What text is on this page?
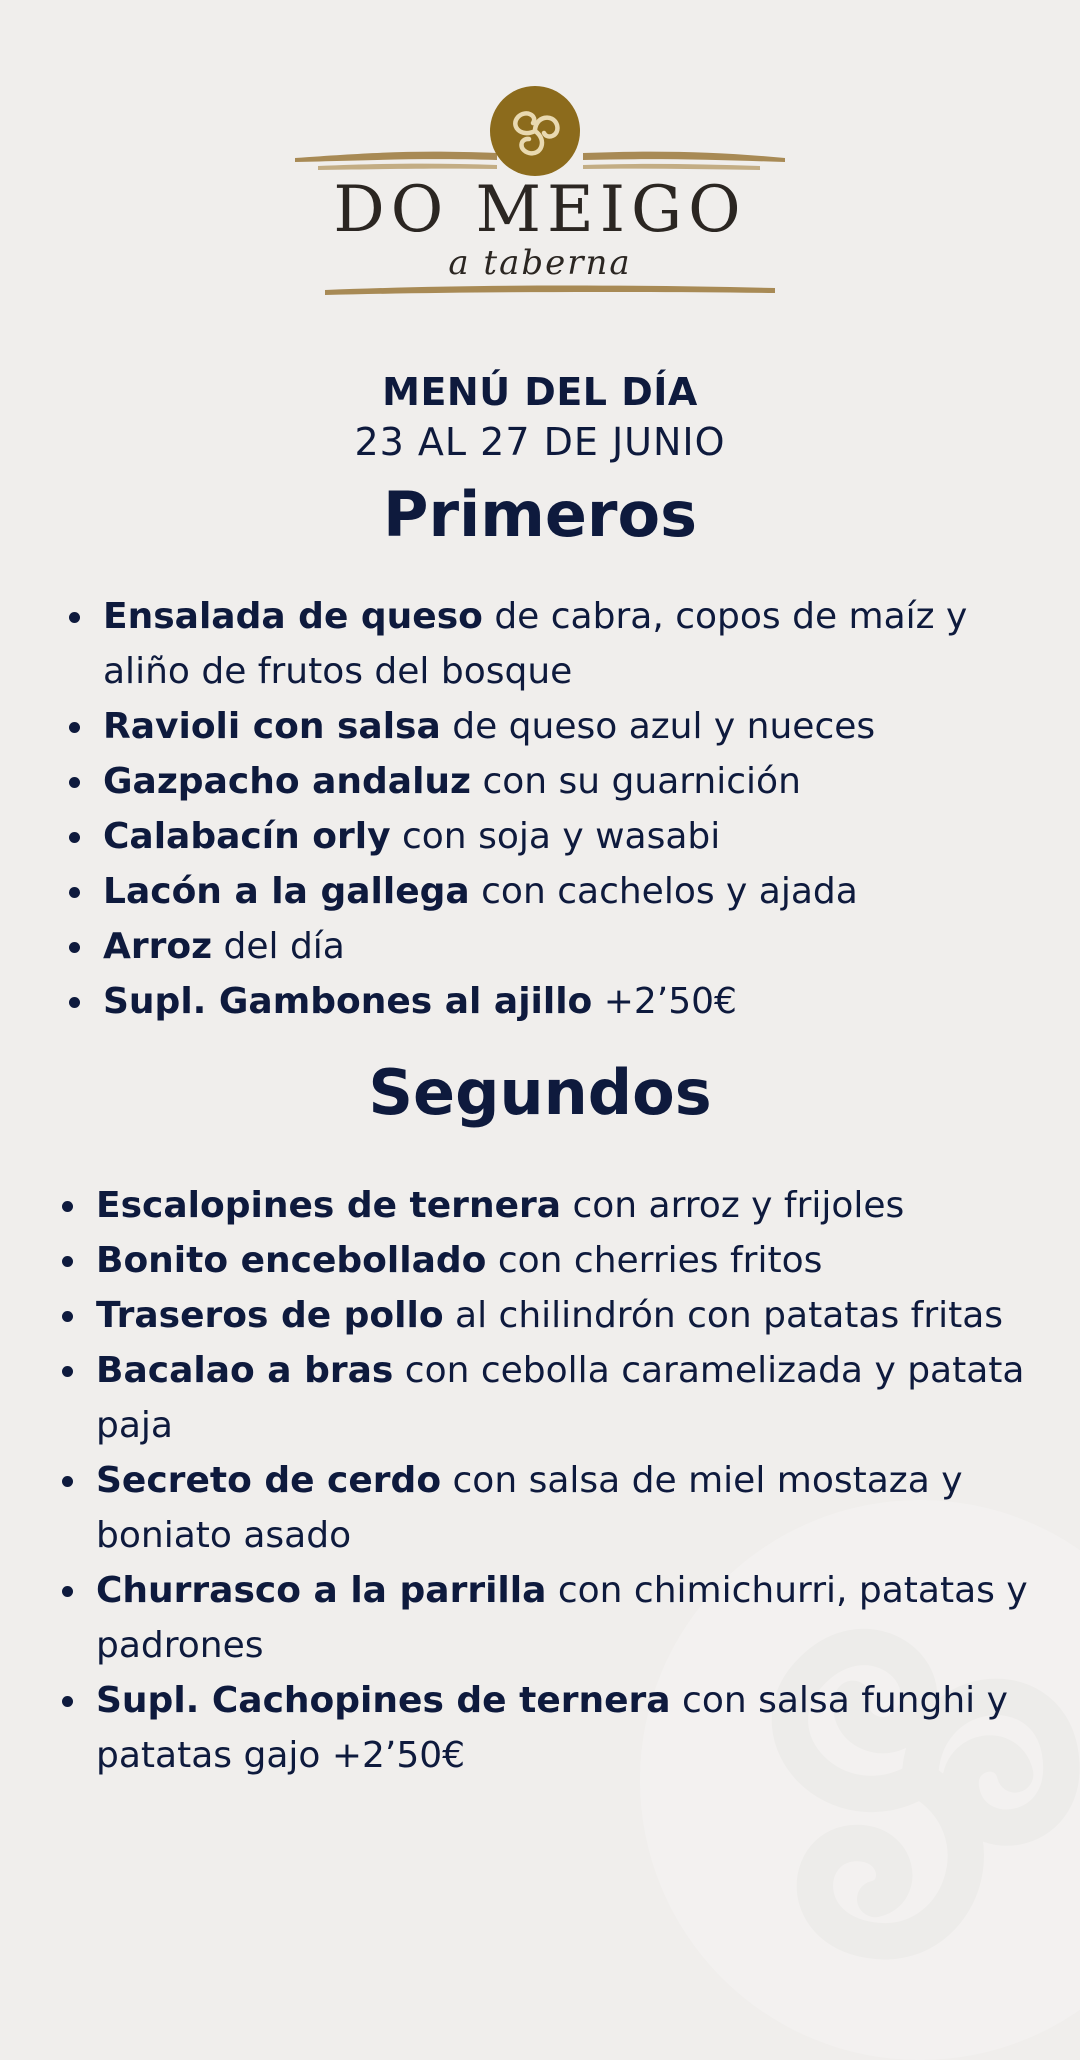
DO MEIGO
a taberna
MENÚ DEL DÍA
23 AL 27 DE JUNIO
Primeros
Ensalada de queso de cabra, copos de maíz y aliño de frutos del bosque
Ravioli con salsa de queso azul y nueces
Gazpacho andaluz con su guarnición
Calabacín orly con soja y wasabi
Lacón a la gallega con cachelos y ajada
Arroz del día
Supl. Gambones al ajillo +2’50€
Segundos
Escalopines de ternera con arroz y frijoles
Bonito encebollado con cherries fritos
Traseros de pollo al chilindrón con patatas fritas
Bacalao a bras con cebolla caramelizada y patata paja
Secreto de cerdo con salsa de miel mostaza y boniato asado
Churrasco a la parrilla con chimichurri, patatas y padrones
Supl. Cachopines de ternera con salsa funghi y patatas gajo +2’50€
